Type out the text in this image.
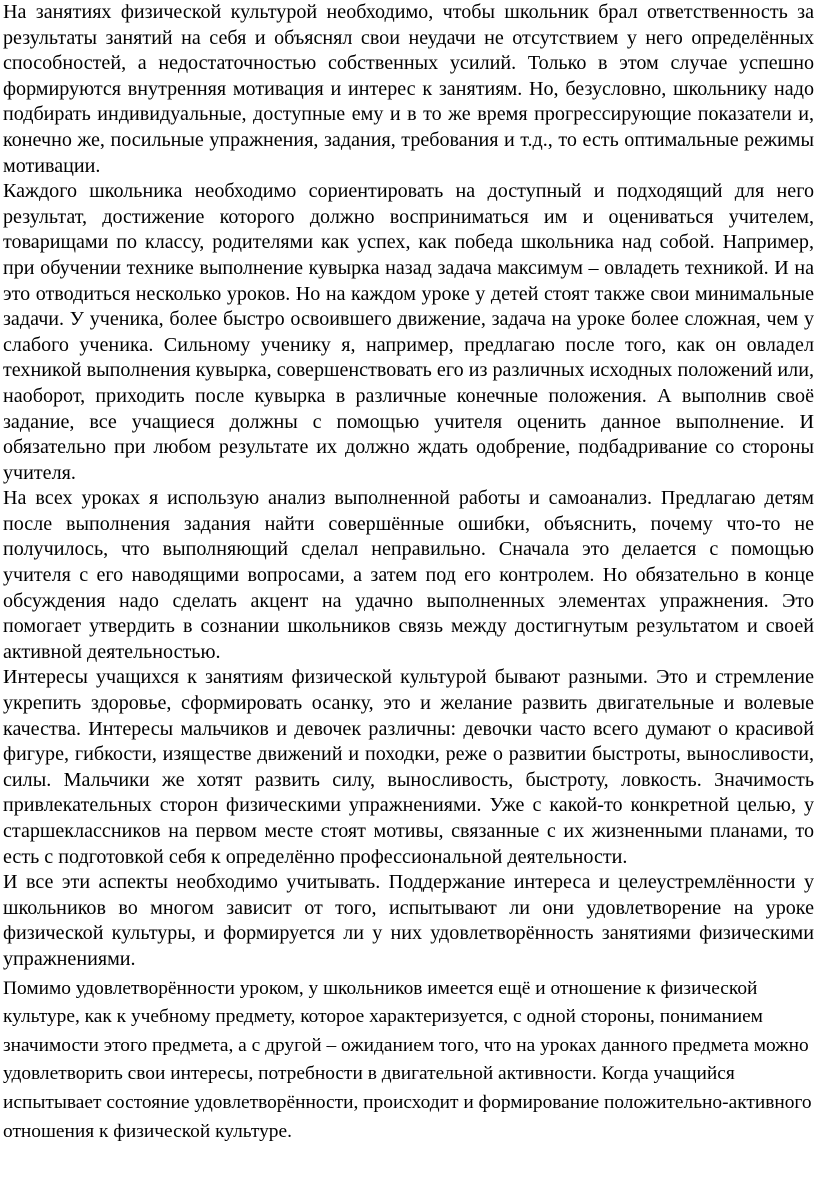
На занятиях физической культурой необходимо, чтобы школьник брал ответственность за результаты занятий на себя и объяснял свои неудачи не отсутствием у него определённых способностей, а недостаточностью собственных усилий. Только в этом случае успешно формируются внутренняя мотивация и интерес к занятиям. Но, безусловно, школьнику надо подбирать индивидуальные, доступные ему и в то же время прогрессирующие показатели и, конечно же, посильные упражнения, задания, требования и т.д., то есть оптимальные режимы мотивации.

Каждого школьника необходимо сориентировать на доступный и подходящий для него результат, достижение которого должно восприниматься им и оцениваться учителем, товарищами по классу, родителями как успех, как победа школьника над собой. Например, при обучении технике выполнение кувырка назад задача максимум – овладеть техникой. И на это отводиться несколько уроков. Но на каждом уроке у детей стоят также свои минимальные задачи. У ученика, более быстро освоившего движение, задача на уроке более сложная, чем у слабого ученика. Сильному ученику я, например, предлагаю после того, как он овладел техникой выполнения кувырка, совершенствовать его из различных исходных положений или, наоборот, приходить после кувырка в различные конечные положения. А выполнив своё задание, все учащиеся должны с помощью учителя оценить данное выполнение. И обязательно при любом результате их должно ждать одобрение, подбадривание со стороны учителя.

На всех уроках я использую анализ выполненной работы и самоанализ. Предлагаю детям после выполнения задания найти совершённые ошибки, объяснить, почему что-то не получилось, что выполняющий сделал неправильно. Сначала это делается с помощью учителя с его наводящими вопросами, а затем под его контролем. Но обязательно в конце обсуждения надо сделать акцент на удачно выполненных элементах упражнения. Это помогает утвердить в сознании школьников связь между достигнутым результатом и своей активной деятельностью.

Интересы учащихся к занятиям физической культурой бывают разными. Это и стремление укрепить здоровье, сформировать осанку, это и желание развить двигательные и волевые качества. Интересы мальчиков и девочек различны: девочки часто всего думают о красивой фигуре, гибкости, изяществе движений и походки, реже о развитии быстроты, выносливости, силы. Мальчики же хотят развить силу, выносливость, быстроту, ловкость. Значимость привлекательных сторон физическими упражнениями. Уже с какой-то конкретной целью, у старшеклассников на первом месте стоят мотивы, связанные с их жизненными планами, то есть с подготовкой себя к определённо профессиональной деятельности.

И все эти аспекты необходимо учитывать. Поддержание интереса и целеустремлённости у школьников во многом зависит от того, испытывают ли они удовлетворение на уроке физической культуры, и формируется ли у них удовлетворённость занятиями физическими упражнениями.

Помимо удовлетворённости уроком, у школьников имеется ещё и отношение к физической культуре, как к учебному предмету, которое характеризуется, с одной стороны, пониманием значимости этого предмета, а с другой – ожиданием того, что на уроках данного предмета можно удовлетворить свои интересы, потребности в двигательной активности. Когда учащийся испытывает состояние удовлетворённости, происходит и формирование положительно-активного отношения к физической культуре.
